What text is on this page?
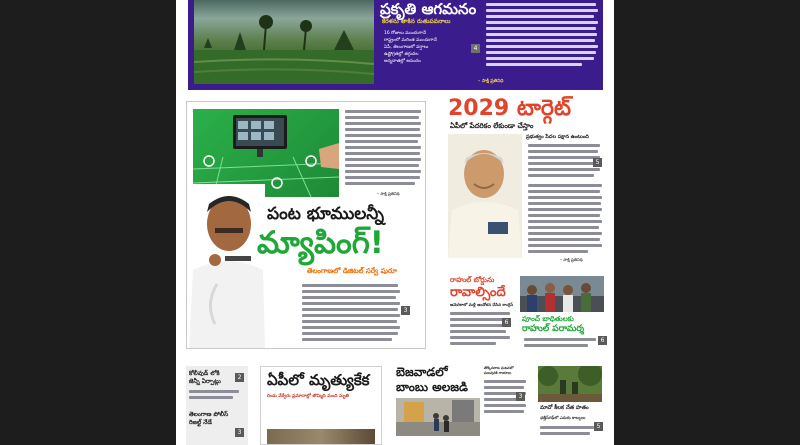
ప్రకృతి ఆగమనం
కేరళను తాకిన రుతుపవనాలు
16 రోజులు ముందుగానే
రాష్ట్రంలో మరింత ముందుగానే
ఏపీ, తెలంగాణలో వర్షాలు
ఉష్ణోగ్రతల్లో తగ్గుదల
అన్నదాతల్లో ఆనందం
4
– సాక్షి ప్రతినిధి
– సాక్షి ప్రతినిధి
పంట భూములన్నీ
మ్యాపింగ్!
తెలంగాణలో డిజిటల్ సర్వే షురూ
3
2029 టార్గెట్
ఏపీలో పేదరికం లేకుండా చేస్తాం
ప్రభుత్వం పేదల పక్షాన ఉంటుంది
5
– సాక్షి ప్రతినిధి
రాహుల్ బోర్డును
రావాల్సిందే
అమెరికాలో మళ్లీ ఆందోళన చేసిన కాంగ్రెస్
6	పూంచ్ బాధితులకు
రాహుల్ పరామర్శ
6
కోలీవుడ్ లోకి
జెన్నీ ఏర్పాట్లు
2
తెలంగాణ పోలీస్
రిజల్ట్ నేడే
3
ఏపీలో మృత్యుకేక
రెండు వేర్వేరు ప్రమాదాల్లో తొమ్మిది మంది మృతి
బెజవాడలో
బాంబు అలజడి
తొక్కిసలాట ఘటనలో పలువురికి గాయాలు
3
మావో కీలక నేత హతం
ఛత్తీస్‌గఢ్‌లో ఎదురు కాల్పులు
5
